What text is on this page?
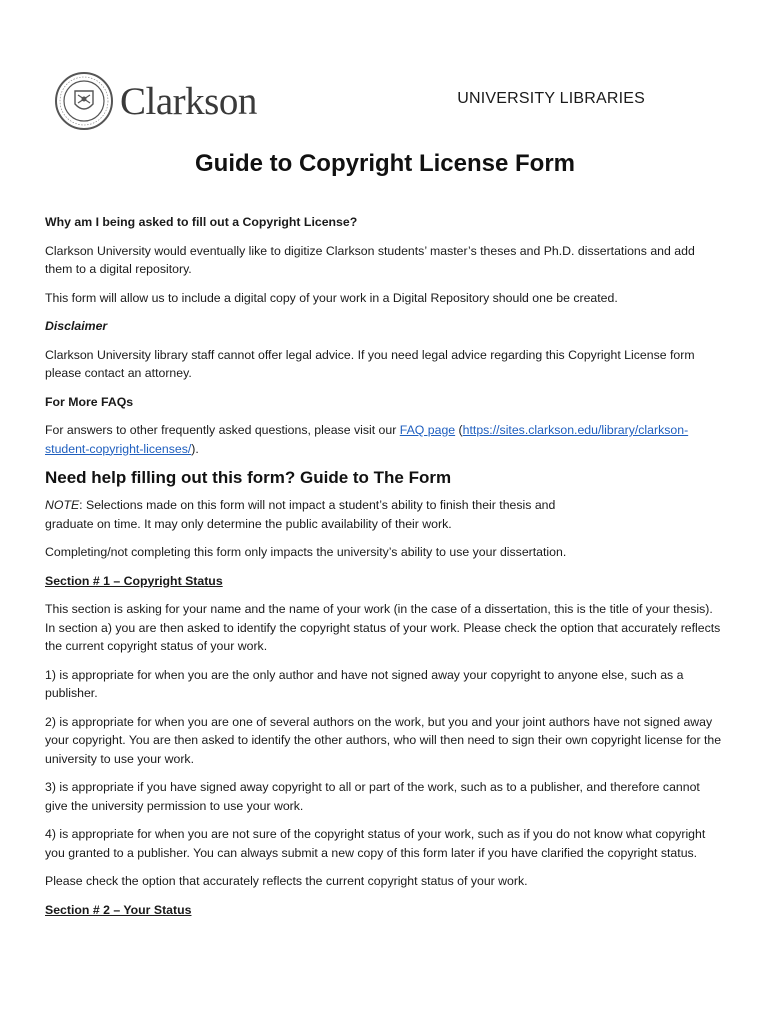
Clarkson	UNIVERSITY LIBRARIES
Guide to Copyright License Form

Why am I being asked to fill out a Copyright License?

Clarkson University would eventually like to digitize Clarkson students’ master’s theses and Ph.D. dissertations and add them to a digital repository.

This form will allow us to include a digital copy of your work in a Digital Repository should one be created.

Disclaimer

Clarkson University library staff cannot offer legal advice. If you need legal advice regarding this Copyright License form please contact an attorney.

For More FAQs

For answers to other frequently asked questions, please visit our FAQ page (https://sites.clarkson.edu/library/clarkson-student-copyright-licenses/).

Need help filling out this form? Guide to The Form

NOTE: Selections made on this form will not impact a student’s ability to finish their thesis and graduate on time. It may only determine the public availability of their work.

Completing/not completing this form only impacts the university’s ability to use your dissertation.

Section # 1 – Copyright Status

This section is asking for your name and the name of your work (in the case of a dissertation, this is the title of your thesis). In section a) you are then asked to identify the copyright status of your work. Please check the option that accurately reflects the current copyright status of your work.

1) is appropriate for when you are the only author and have not signed away your copyright to anyone else, such as a publisher.

2) is appropriate for when you are one of several authors on the work, but you and your joint authors have not signed away your copyright. You are then asked to identify the other authors, who will then need to sign their own copyright license for the university to use your work.

3) is appropriate if you have signed away copyright to all or part of the work, such as to a publisher, and therefore cannot give the university permission to use your work.

4) is appropriate for when you are not sure of the copyright status of your work, such as if you do not know what copyright you granted to a publisher. You can always submit a new copy of this form later if you have clarified the copyright status.

Please check the option that accurately reflects the current copyright status of your work.

Section # 2 – Your Status
